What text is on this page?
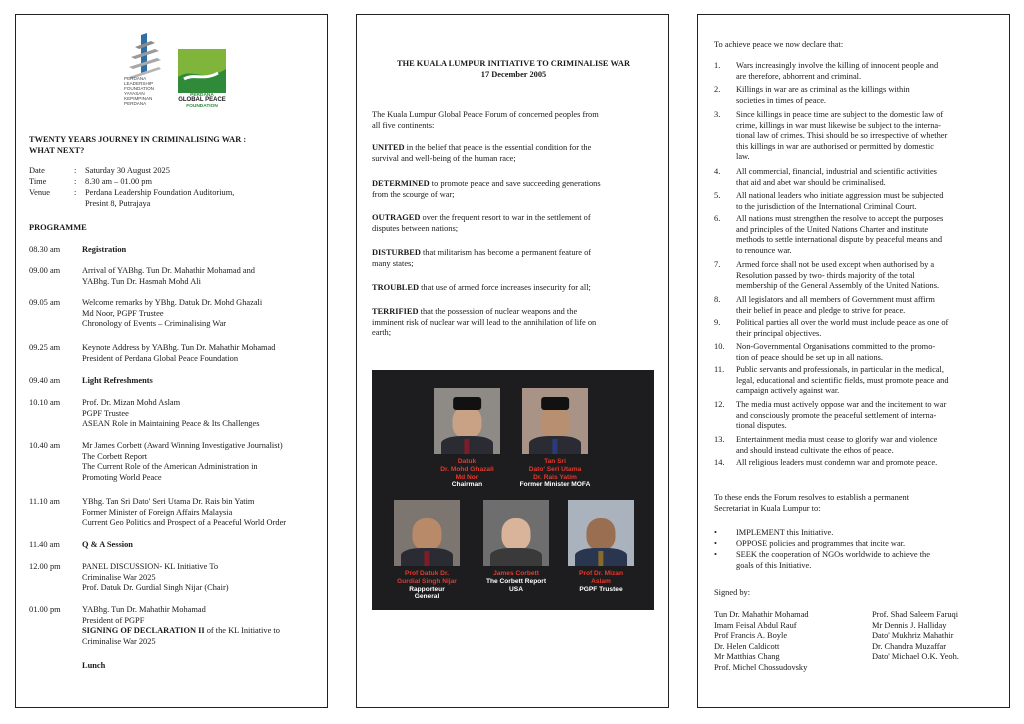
PERDANA
LEADERSHIP
FOUNDATION
YAYASAN
KEPIMPINAN
PERDANA
PERDANA
GLOBAL PEACE
FOUNDATION
TWENTY YEARS JOURNEY IN CRIMINALISING WAR :
WHAT NEXT?
Date	: Saturday 30 August 2025
Time	: 8.30 am – 01.00 pm
Venue	: Perdana Leadership Foundation Auditorium,
Presint 8, Putrajaya
PROGRAMME
08.30 am	Registration
09.00 am	Arrival of YABhg. Tun Dr. Mahathir Mohamad and
YABhg. Tun Dr. Hasmah Mohd Ali
09.05 am	Welcome remarks by YBhg. Datuk Dr. Mohd Ghazali
Md Noor, PGPF Trustee
Chronology of Events – Criminalising War
09.25 am	Keynote Address by YABhg. Tun Dr. Mahathir Mohamad
President of Perdana Global Peace Foundation
09.40 am	Light Refreshments
10.10 am	Prof. Dr. Mizan Mohd Aslam
PGPF Trustee
ASEAN Role in Maintaining Peace & Its Challenges
10.40 am	Mr James Corbett (Award Winning Investigative Journalist)
The Corbett Report
The Current Role of the American Administration in
Promoting World Peace
11.10 am	YBhg. Tan Sri Dato' Seri Utama Dr. Rais bin Yatim
Former Minister of Foreign Affairs Malaysia
Current Geo Politics and Prospect of a Peaceful World Order
11.40 am	Q & A Session
12.00 pm	PANEL DISCUSSION- KL Initiative To
Criminalise War 2025
Prof. Datuk Dr. Gurdial Singh Nijar (Chair)
01.00 pm	YABhg. Tun Dr. Mahathir Mohamad
President of PGPF
SIGNING OF DECLARATION II of the KL Initiative to
Criminalise War 2025
Lunch
THE KUALA LUMPUR INITIATIVE TO CRIMINALISE WAR
17 December 2005
The Kuala Lumpur Global Peace Forum of concerned peoples from
all five continents:
UNITED in the belief that peace is the essential condition for the
survival and well-being of the human race;
DETERMINED to promote peace and save succeeding generations
from the scourge of war;
OUTRAGED over the frequent resort to war in the settlement of
disputes between nations;
DISTURBED that militarism has become a permanent feature of
many states;
TROUBLED that use of armed force increases insecurity for all;
TERRIFIED that the possession of nuclear weapons and the
imminent risk of nuclear war will lead to the annihilation of life on
earth;
Datuk
Dr. Mohd Ghazali
Md Nor
Chairman
Tan Sri
Dato' Seri Utama
Dr. Rais Yatim
Former Minister MOFA
Prof Datuk Dr.
Gurdial Singh Nijar
Rapporteur
General
James Corbett
The Corbett Report
USA
Prof Dr. Mizan
Aslam
PGPF Trustee
To achieve peace we now declare that:
1. Wars increasingly involve the killing of innocent people and
are therefore, abhorrent and criminal.
2. Killings in war are as criminal as the killings within
societies in times of peace.
3. Since killings in peace time are subject to the domestic law of
crime, killings in war must likewise be subject to the interna-
tional law of crimes. Thisi should be so irrespective of whether
this killings in war are authorised or permitted by domestic
law.
4. All commercial, financial, industrial and scientific activities
that aid and abet war should be criminalised.
5. All national leaders who initiate aggression must be subjected
to the jurisdiction of the International Criminal Court.
6. All nations must strengthen the resolve to accept the purposes
and principles of the United Nations Charter and institute
methods to settle international dispute by peaceful means and
to renounce war.
7. Armed force shall not be used except when authorised by a
Resolution passed by two- thirds majority of the total
membership of the General Assembly of the United Nations.
8. All legislators and all members of Government must affirm
their belief in peace and pledge to strive for peace.
9. Political parties all over the world must include peace as one of
their principal objectives.
10. Non-Governmental Organisations committed to the promo-
tion of peace should be set up in all nations.
11. Public servants and professionals, in particular in the medical,
legal, educational and scientific fields, must promote peace and
campaign actively against war.
12. The media must actively oppose war and the incitement to war
and consciously promote the peaceful settlement of interna-
tional disputes.
13. Entertainment media must cease to glorify war and violence
and should instead cultivate the ethos of peace.
14. All religious leaders must condemn war and promote peace.
To these ends the Forum resolves to establish a permanent
Secretariat in Kuala Lumpur to:
• IMPLEMENT this Initiative.
• OPPOSE policies and programmes that incite war.
• SEEK the cooperation of NGOs worldwide to achieve the
goals of this Initiative.
Signed by:
Tun Dr. Mahathir Mohamad
Imam Feisal Abdul Rauf
Prof Francis A. Boyle
Dr. Helen Caldicott
Mr Matthias Chang
Prof. Michel Chossudovsky
Prof. Shad Saleem Faruqi
Mr Dennis J. Halliday
Dato' Mukhriz Mahathir
Dr. Chandra Muzaffar
Dato' Michael O.K. Yeoh.
